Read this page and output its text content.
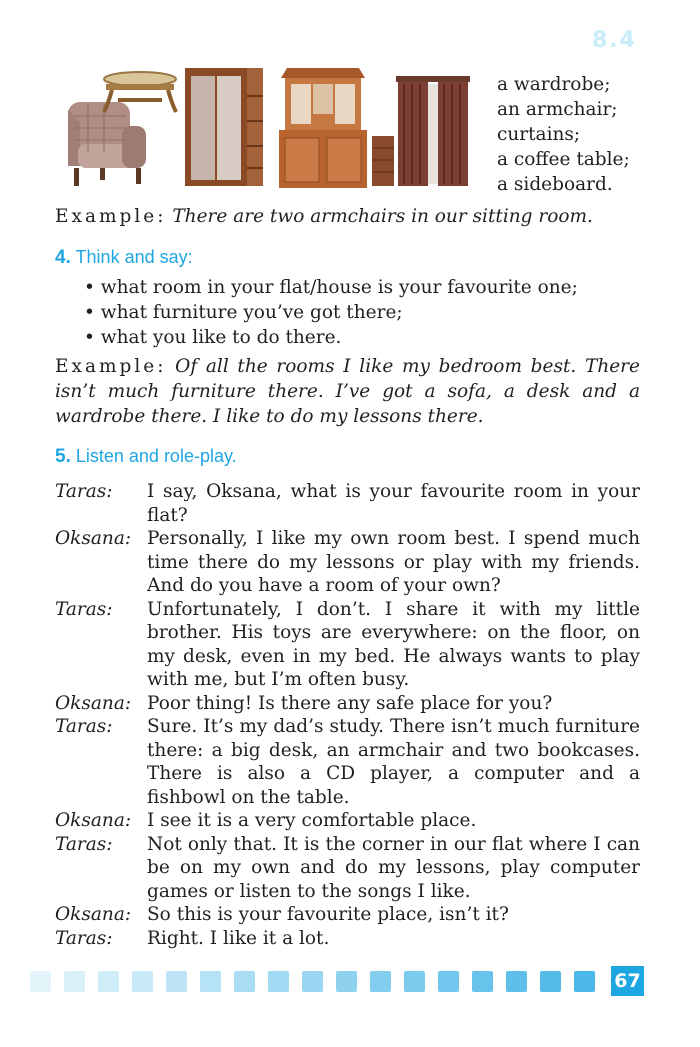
8.4
a wardrobe;
an armchair;
curtains;
a coffee table;
a sideboard.
Example: There are two armchairs in our sitting room.
4. Think and say:
• what room in your flat/house is your favourite one;
• what furniture you’ve got there;
• what you like to do there.
Example: Of all the rooms I like my bedroom best. There isn’t much furniture there. I’ve got a sofa, a desk and a wardrobe there. I like to do my lessons there.
5. Listen and role-play.
Taras:	I say, Oksana, what is your favourite room in your flat?
Oksana: Personally, I like my own room best. I spend much time there do my lessons or play with my friends. And do you have a room of your own?
Taras:	Unfortunately, I don’t. I share it with my little brother. His toys are everywhere: on the floor, on my desk, even in my bed. He always wants to play with me, but I’m often busy.
Oksana: Poor thing! Is there any safe place for you?
Taras:	Sure. It’s my dad’s study. There isn’t much furniture there: a big desk, an armchair and two bookcases. There is also a CD player, a computer and a fishbowl on the table.
Oksana: I see it is a very comfortable place.
Taras:	Not only that. It is the corner in our flat where I can be on my own and do my lessons, play computer games or listen to the songs I like.
Oksana: So this is your favourite place, isn’t it?
Taras:	Right. I like it a lot.
67
